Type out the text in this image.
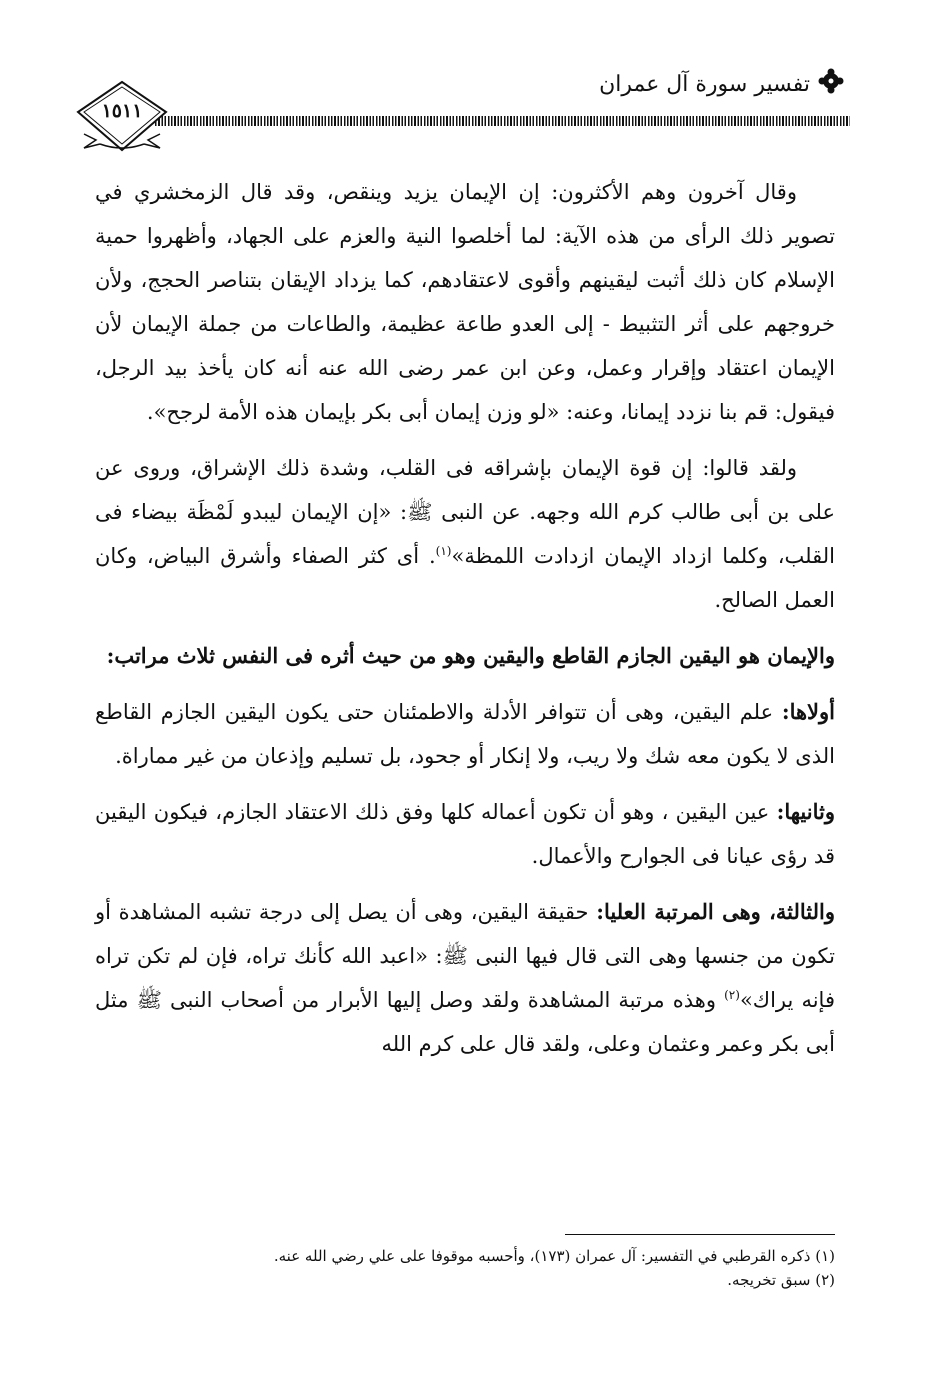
تفسير سورة آل عمران
١٥١١

وقال آخرون وهم الأكثرون: إن الإيمان يزيد وينقص، وقد قال الزمخشري في تصوير ذلك الرأى من هذه الآية: لما أخلصوا النية والعزم على الجهاد، وأظهروا حمية الإسلام كان ذلك أثبت ليقينهم وأقوى لاعتقادهم، كما يزداد الإيقان بتناصر الحجج، ولأن خروجهم على أثر التثبيط - إلى العدو طاعة عظيمة، والطاعات من جملة الإيمان لأن الإيمان اعتقاد وإقرار وعمل، وعن ابن عمر رضى الله عنه أنه كان يأخذ بيد الرجل، فيقول: قم بنا نزدد إيمانا، وعنه: «لو وزن إيمان أبى بكر بإيمان هذه الأمة لرجح».

ولقد قالوا: إن قوة الإيمان بإشراقه فى القلب، وشدة ذلك الإشراق، وروى عن على بن أبى طالب كرم الله وجهه. عن النبى ﷺ: «إن الإيمان ليبدو لَمْظَة بيضاء فى القلب، وكلما ازداد الإيمان ازدادت اللمظة»$^{(١)}$. أى كثر الصفاء وأشرق البياض، وكان العمل الصالح.

والإيمان هو اليقين الجازم القاطع واليقين وهو من حيث أثره فى النفس ثلاث مراتب:

أولاها: علم اليقين، وهى أن تتوافر الأدلة والاطمئنان حتى يكون اليقين الجازم القاطع الذى لا يكون معه شك ولا ريب، ولا إنكار أو جحود، بل تسليم وإذعان من غير مماراة.

وثانيها: عين اليقين ، وهو أن تكون أعماله كلها وفق ذلك الاعتقاد الجازم، فيكون اليقين قد رؤى عيانا فى الجوارح والأعمال.

والثالثة، وهى المرتبة العليا: حقيقة اليقين، وهى أن يصل إلى درجة تشبه المشاهدة أو تكون من جنسها وهى التى قال فيها النبى ﷺ: «اعبد الله كأنك تراه، فإن لم تكن تراه فإنه يراك»$^{(٢)}$ وهذه مرتبة المشاهدة ولقد وصل إليها الأبرار من أصحاب النبى ﷺ مثل أبى بكر وعمر وعثمان وعلى، ولقد قال على كرم الله

(١) ذكره القرطبي في التفسير: آل عمران (١٧٣)، وأحسبه موقوفا على علي رضي الله عنه.

(٢) سبق تخريجه.
